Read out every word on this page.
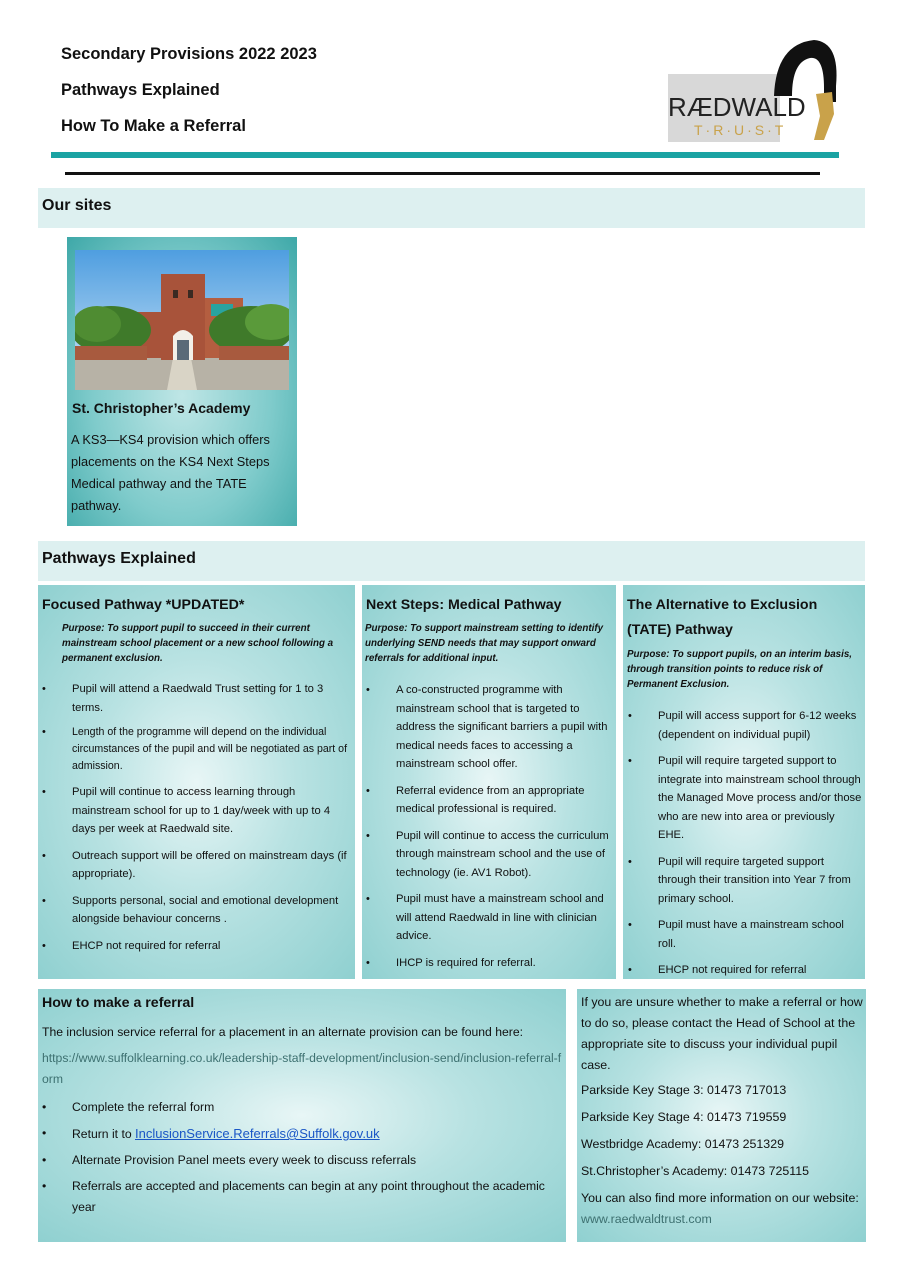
Secondary Provisions 2022 2023
Pathways Explained
How To Make a Referral
RÆDWALD
T·R·U·S·T
Our sites
St. Christopher’s Academy
A KS3—KS4 provision which offers placements on the KS4 Next Steps Medical pathway and the TATE pathway.
Pathways Explained
Focused Pathway *UPDATED*
Purpose: To support pupil to succeed in their current mainstream school placement or a new school following a permanent exclusion.
• Pupil will attend a Raedwald Trust setting for 1 to 3 terms.
• Length of the programme will depend on the individual circumstances of the pupil and will be negotiated as part of admission.
• Pupil will continue to access learning through mainstream school for up to 1 day/week with up to 4 days per week at Raedwald site.
• Outreach support will be offered on mainstream days (if appropriate).
• Supports personal, social and emotional development alongside behaviour concerns .
• EHCP not required for referral
Next Steps: Medical Pathway
Purpose: To support mainstream setting to identify underlying SEND needs that may support onward referrals for additional input.
• A co-constructed programme with mainstream school that is targeted to address the significant barriers a pupil with medical needs faces to accessing a mainstream school offer.
• Referral evidence from an appropriate medical professional is required.
• Pupil will continue to access the curriculum through mainstream school and the use of technology (ie. AV1 Robot).
• Pupil must have a mainstream school and will attend Raedwald in line with clinician advice.
• IHCP is required for referral.
The Alternative to Exclusion (TATE) Pathway
Purpose: To support pupils, on an interim basis, through transition points to reduce risk of Permanent Exclusion.
• Pupil will access support for 6-12 weeks (dependent on individual pupil)
• Pupil will require targeted support to integrate into mainstream school through the Managed Move process and/or those who are new into area or previously EHE.
• Pupil will require targeted support through their transition into Year 7 from primary school.
• Pupil must have a mainstream school roll.
• EHCP not required for referral
How to make a referral
The inclusion service referral for a placement in an alternate provision can be found here:
https://www.suffolklearning.co.uk/leadership-staff-development/inclusion-send/inclusion-referral-form
• Complete the referral form
• Return it to InclusionService.Referrals@Suffolk.gov.uk
• Alternate Provision Panel meets every week to discuss referrals
• Referrals are accepted and placements can begin at any point throughout the academic year

If you are unsure whether to make a referral or how to do so, please contact the Head of School at the appropriate site to discuss your individual pupil case.

Parkside Key Stage 3: 01473 717013

Parkside Key Stage 4: 01473 719559

Westbridge Academy: 01473 251329

St.Christopher’s Academy: 01473 725115

You can also find more information on our website: www.raedwaldtrust.com
